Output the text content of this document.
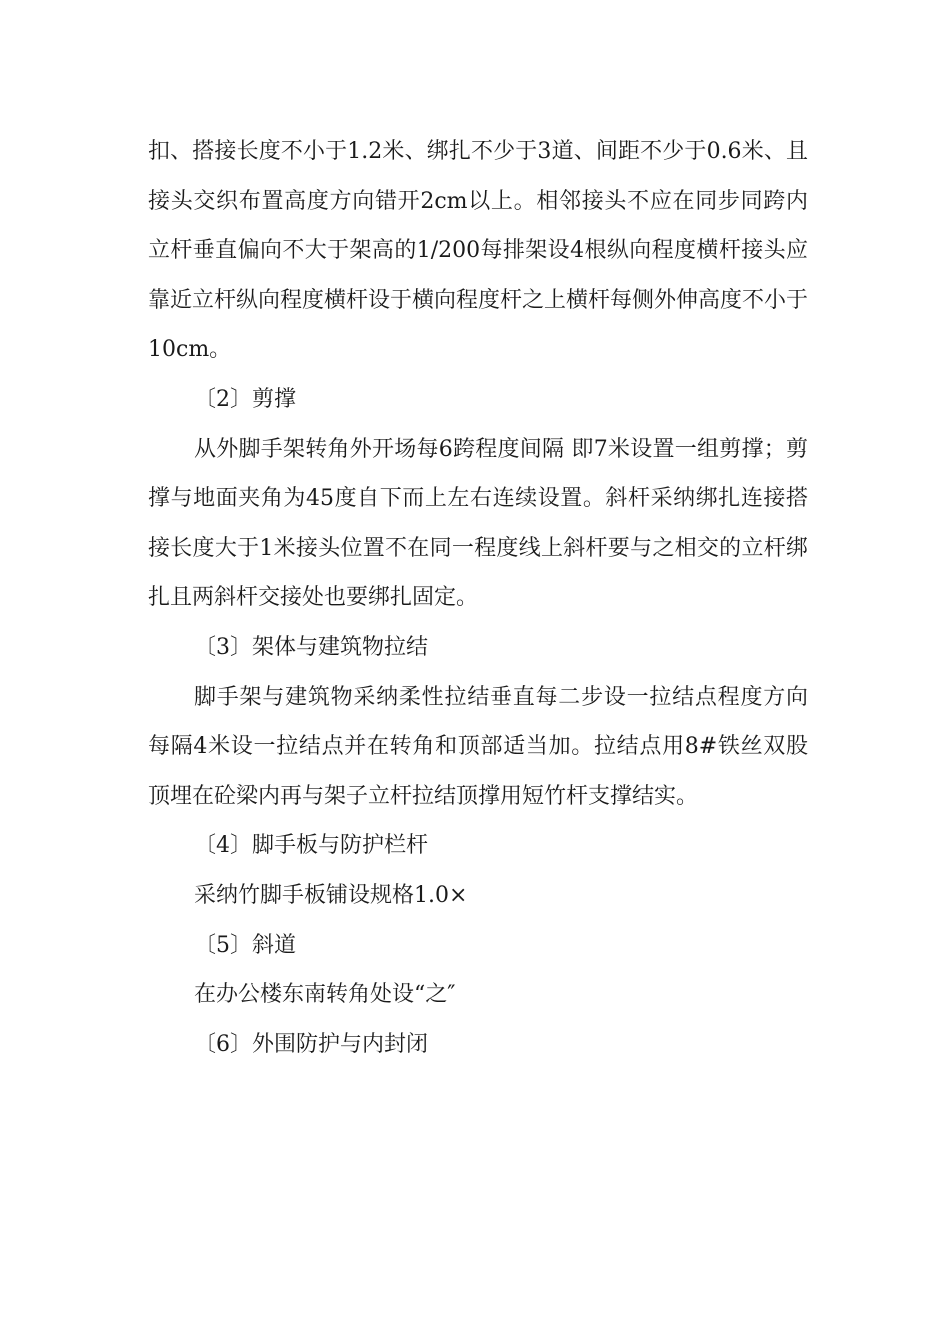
扣、搭接长度不小于1.2米、绑扎不少于3道、间距不少于0.6米、且接头交织布置高度方向错开2cm以上。相邻接头不应在同步同跨内立杆垂直偏向不大于架高的1/200每排架设4根纵向程度横杆接头应靠近立杆纵向程度横杆设于横向程度杆之上横杆每侧外伸高度不小于10cm。

〔2〕剪撑

从外脚手架转角外开场每6跨程度间隔 即7米设置一组剪撑；剪撑与地面夹角为45度自下而上左右连续设置。斜杆采纳绑扎连接搭接长度大于1米接头位置不在同一程度线上斜杆要与之相交的立杆绑扎且两斜杆交接处也要绑扎固定。

〔3〕架体与建筑物拉结

脚手架与建筑物采纳柔性拉结垂直每二步设一拉结点程度方向每隔4米设一拉结点并在转角和顶部适当加。拉结点用8#铁丝双股顶埋在砼梁内再与架子立杆拉结顶撑用短竹杆支撑结实。

〔4〕脚手板与防护栏杆

采纳竹脚手板铺设规格1.0×

〔5〕斜道

在办公楼东南转角处设“之″

〔6〕外围防护与内封闭
